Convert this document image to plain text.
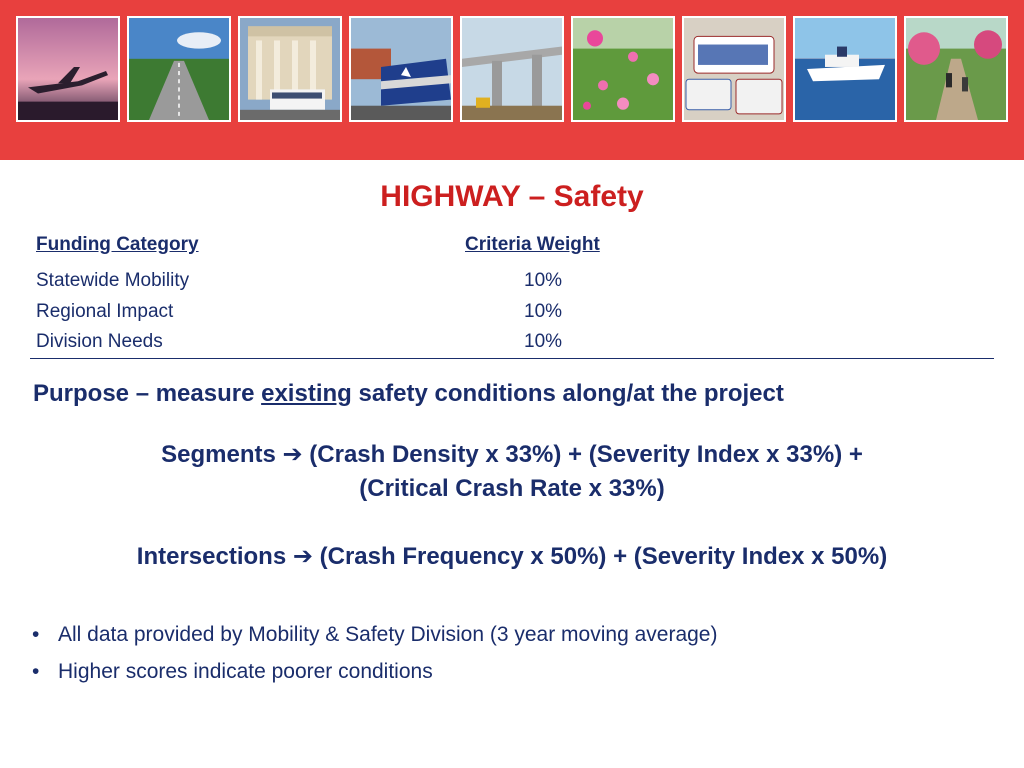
HIGHWAY – Safety
Funding Category	Criteria Weight
Statewide Mobility	10%
Regional Impact	10%
Division Needs	10%
Purpose – measure existing safety conditions along/at the project
Segments ➔ (Crash Density x 33%) + (Severity Index x 33%) +
(Critical Crash Rate x 33%)
Intersections ➔ (Crash Frequency x 50%) + (Severity Index x 50%)
• All data provided by Mobility & Safety Division (3 year moving average)
• Higher scores indicate poorer conditions
